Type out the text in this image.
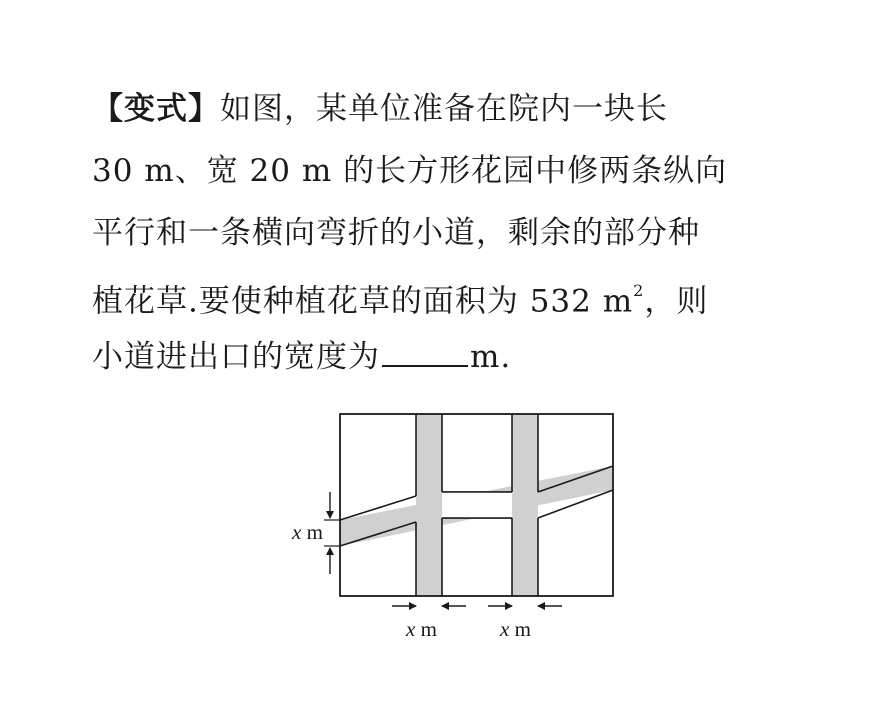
【变式】如图，某单位准备在院内一块长
30 m、宽 20 m 的长方形花园中修两条纵向
平行和一条横向弯折的小道，剩余的部分种
植花草.要使种植花草的面积为 532 $m^2$，则
小道进出口的宽度为	m.
x m
x m	x m
